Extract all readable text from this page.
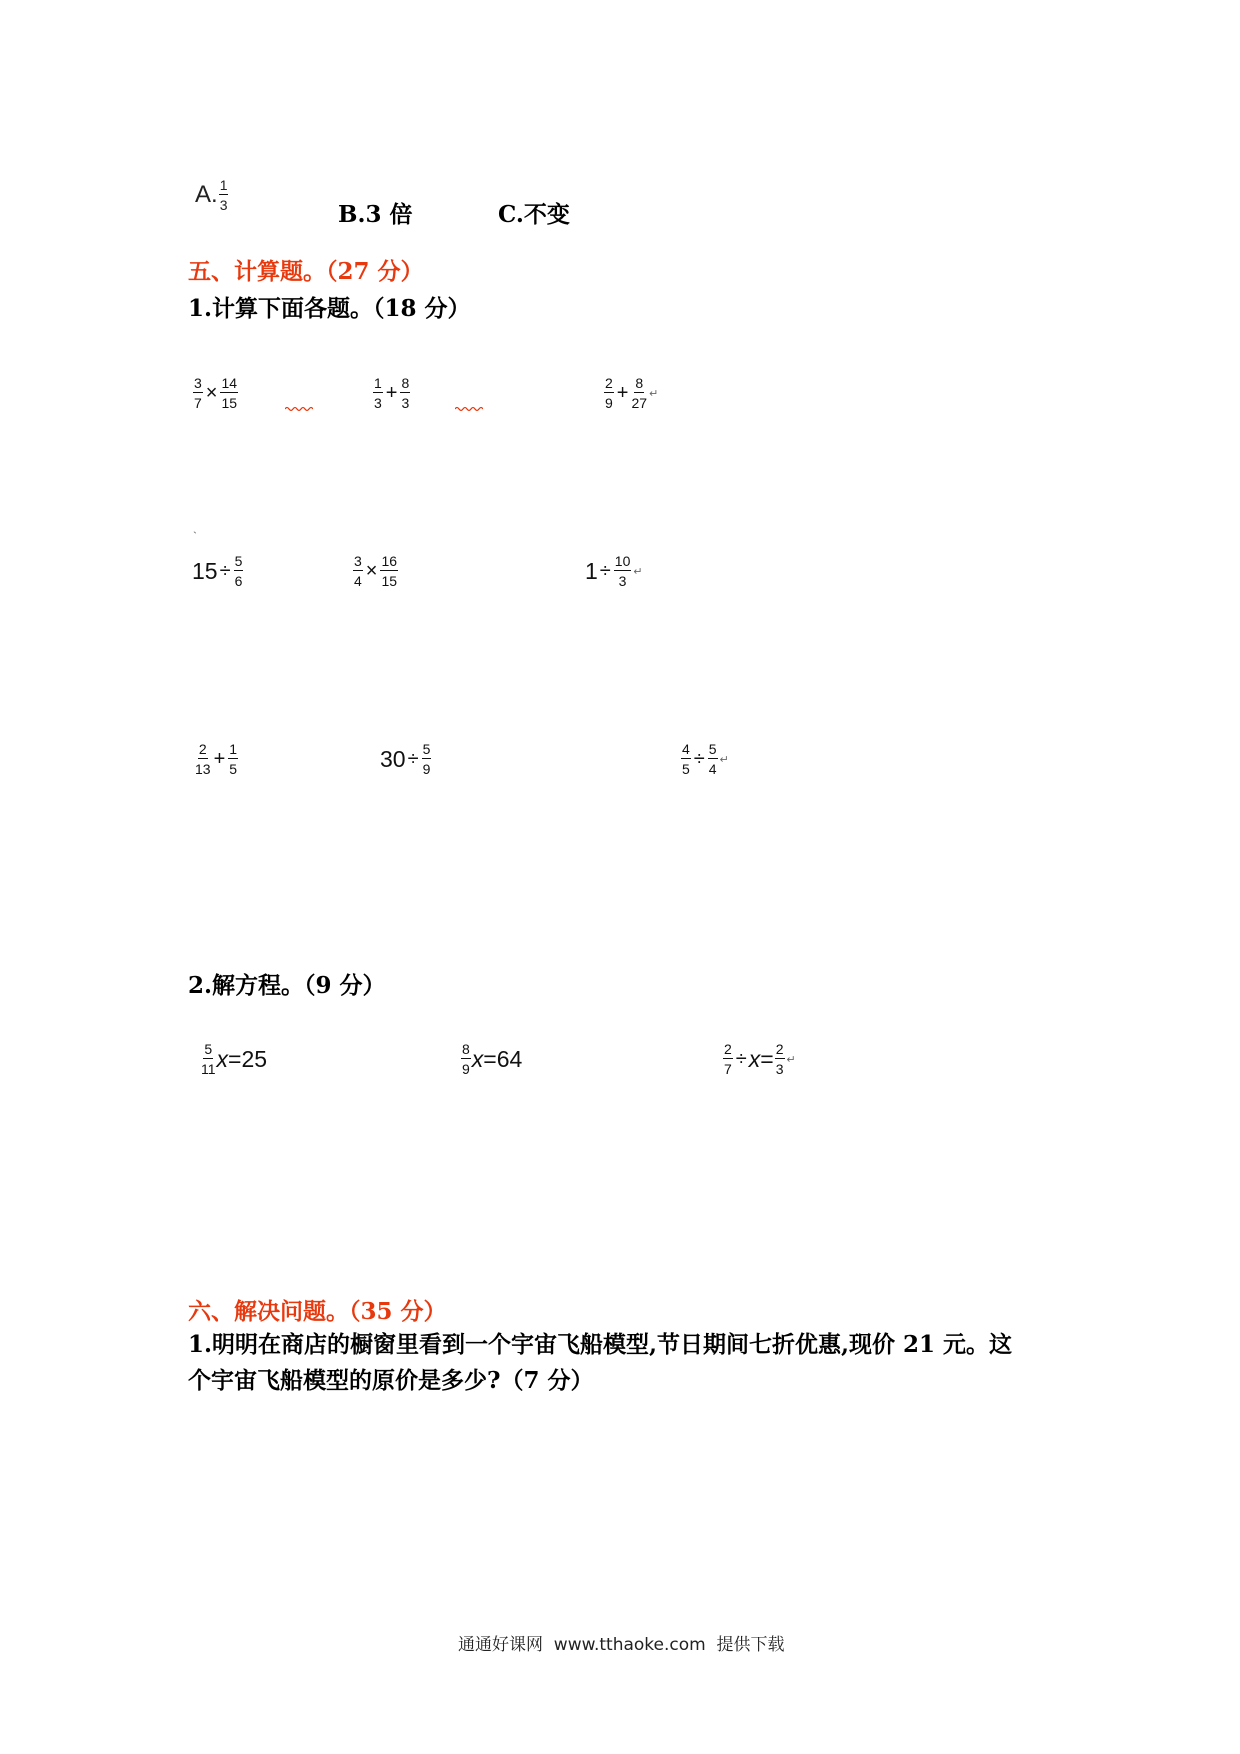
A. $\frac{1}{3}$
B.3 倍	C.不变
五、计算题。（27 分）
1.计算下面各题。（18 分）
$\frac{3}{7} \times \frac{14}{15}$	$\frac{1}{3} + \frac{8}{3}$	$\frac{2}{9} + \frac{8}{27}$ ↵
ˎ
$15 \div \frac{5}{6}$	$\frac{3}{4} \times \frac{16}{15}$	$1 \div \frac{10}{3}$ ↵
$\frac{2}{13} + \frac{1}{5}$	$30 \div \frac{5}{9}$	$\frac{4}{5} \div \frac{5}{4}$ ↵
2.解方程。（9 分）
$\frac{5}{11}$ x =25	$\frac{8}{9}$ x =64	$\frac{2}{7} \div x = \frac{2}{3}$ ↵
六、解决问题。（35 分）
1.明明在商店的橱窗里看到一个宇宙飞船模型,节日期间七折优惠,现价 21 元。这
个宇宙飞船模型的原价是多少?（7 分）
通通好课网  www.tthaoke.com  提供下载
